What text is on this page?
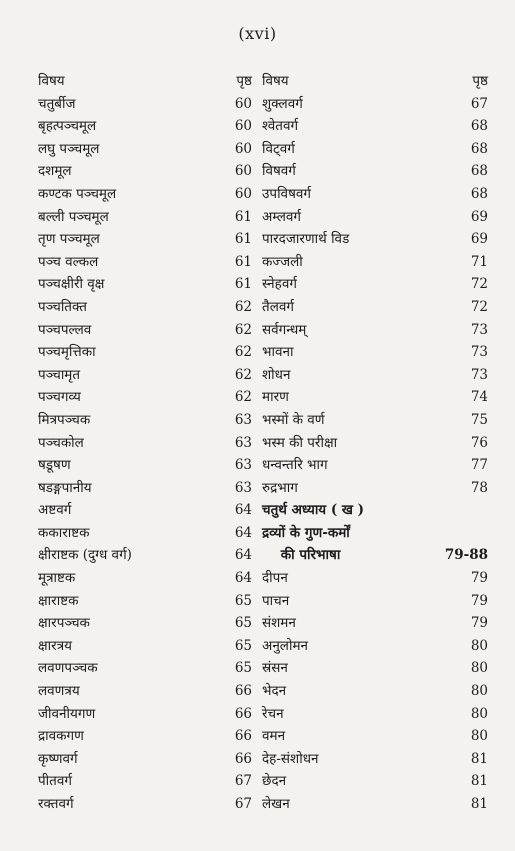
(xvi)
विषय	पृष्ठ
चतुर्बीज	60
बृहत्पञ्चमूल	60
लघु पञ्चमूल	60
दशमूल	60
कण्टक पञ्चमूल	60
बल्ली पञ्चमूल	61
तृण पञ्चमूल	61
पञ्च वल्कल	61
पञ्चक्षीरी वृक्ष	61
पञ्चतिक्त	62
पञ्चपल्लव	62
पञ्चमृत्तिका	62
पञ्चामृत	62
पञ्चगव्य	62
मित्रपञ्चक	63
पञ्चकोल	63
षडूषण	63
षडङ्गपानीय	63
अष्टवर्ग	64
ककाराष्टक	64
क्षीराष्टक (दुग्ध वर्ग)	64
मूत्राष्टक	64
क्षाराष्टक	65
क्षारपञ्चक	65
क्षारत्रय	65
लवणपञ्चक	65
लवणत्रय	66
जीवनीयगण	66
द्रावकगण	66
कृष्णवर्ग	66
पीतवर्ग	67
रक्तवर्ग	67
विषय	पृष्ठ
शुक्लवर्ग	67
श्वेतवर्ग	68
विट्वर्ग	68
विषवर्ग	68
उपविषवर्ग	68
अम्लवर्ग	69
पारदजारणार्थ विड	69
कज्जली	71
स्नेहवर्ग	72
तैलवर्ग	72
सर्वगन्धम्	73
भावना	73
शोधन	73
मारण	74
भस्मों के वर्ण	75
भस्म की परीक्षा	76
धन्वन्तरि भाग	77
रुद्रभाग	78
चतुर्थ अध्याय ( ख )
द्रव्यों के गुण-कर्मों
की परिभाषा	79-88
दीपन	79
पाचन	79
संशमन	79
अनुलोमन	80
स्रंसन	80
भेदन	80
रेचन	80
वमन	80
देह-संशोधन	81
छेदन	81
लेखन	81
